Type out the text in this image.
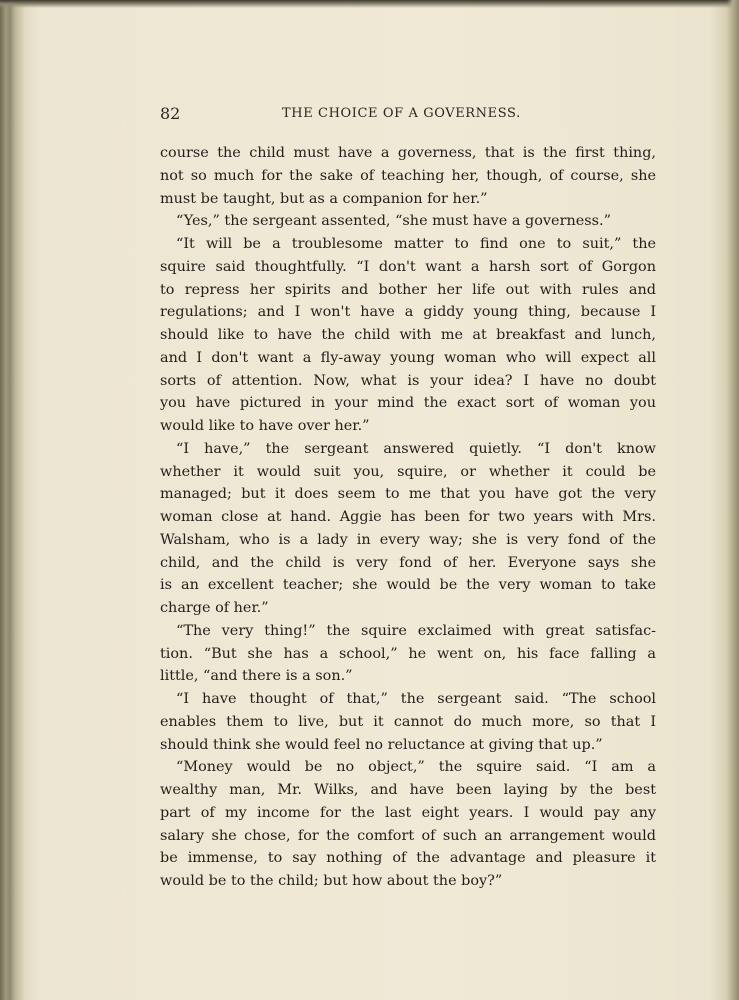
82	THE CHOICE OF A GOVERNESS.
course the child must have a governess, that is the first thing,
not so much for the sake of teaching her, though, of course, she
must be taught, but as a companion for her.”
“Yes,” the sergeant assented, “she must have a governess.”
“It will be a troublesome matter to find one to suit,” the
squire said thoughtfully. “I don't want a harsh sort of Gorgon
to repress her spirits and bother her life out with rules and
regulations; and I won't have a giddy young thing, because I
should like to have the child with me at breakfast and lunch,
and I don't want a fly-away young woman who will expect all
sorts of attention. Now, what is your idea? I have no doubt
you have pictured in your mind the exact sort of woman you
would like to have over her.”
“I have,” the sergeant answered quietly. “I don't know
whether it would suit you, squire, or whether it could be
managed; but it does seem to me that you have got the very
woman close at hand. Aggie has been for two years with Mrs.
Walsham, who is a lady in every way; she is very fond of the
child, and the child is very fond of her. Everyone says she
is an excellent teacher; she would be the very woman to take
charge of her.”
“The very thing!” the squire exclaimed with great satisfac-
tion. “But she has a school,” he went on, his face falling a
little, “and there is a son.”
“I have thought of that,” the sergeant said. “The school
enables them to live, but it cannot do much more, so that I
should think she would feel no reluctance at giving that up.”
“Money would be no object,” the squire said. “I am a
wealthy man, Mr. Wilks, and have been laying by the best
part of my income for the last eight years. I would pay any
salary she chose, for the comfort of such an arrangement would
be immense, to say nothing of the advantage and pleasure it
would be to the child; but how about the boy?”
